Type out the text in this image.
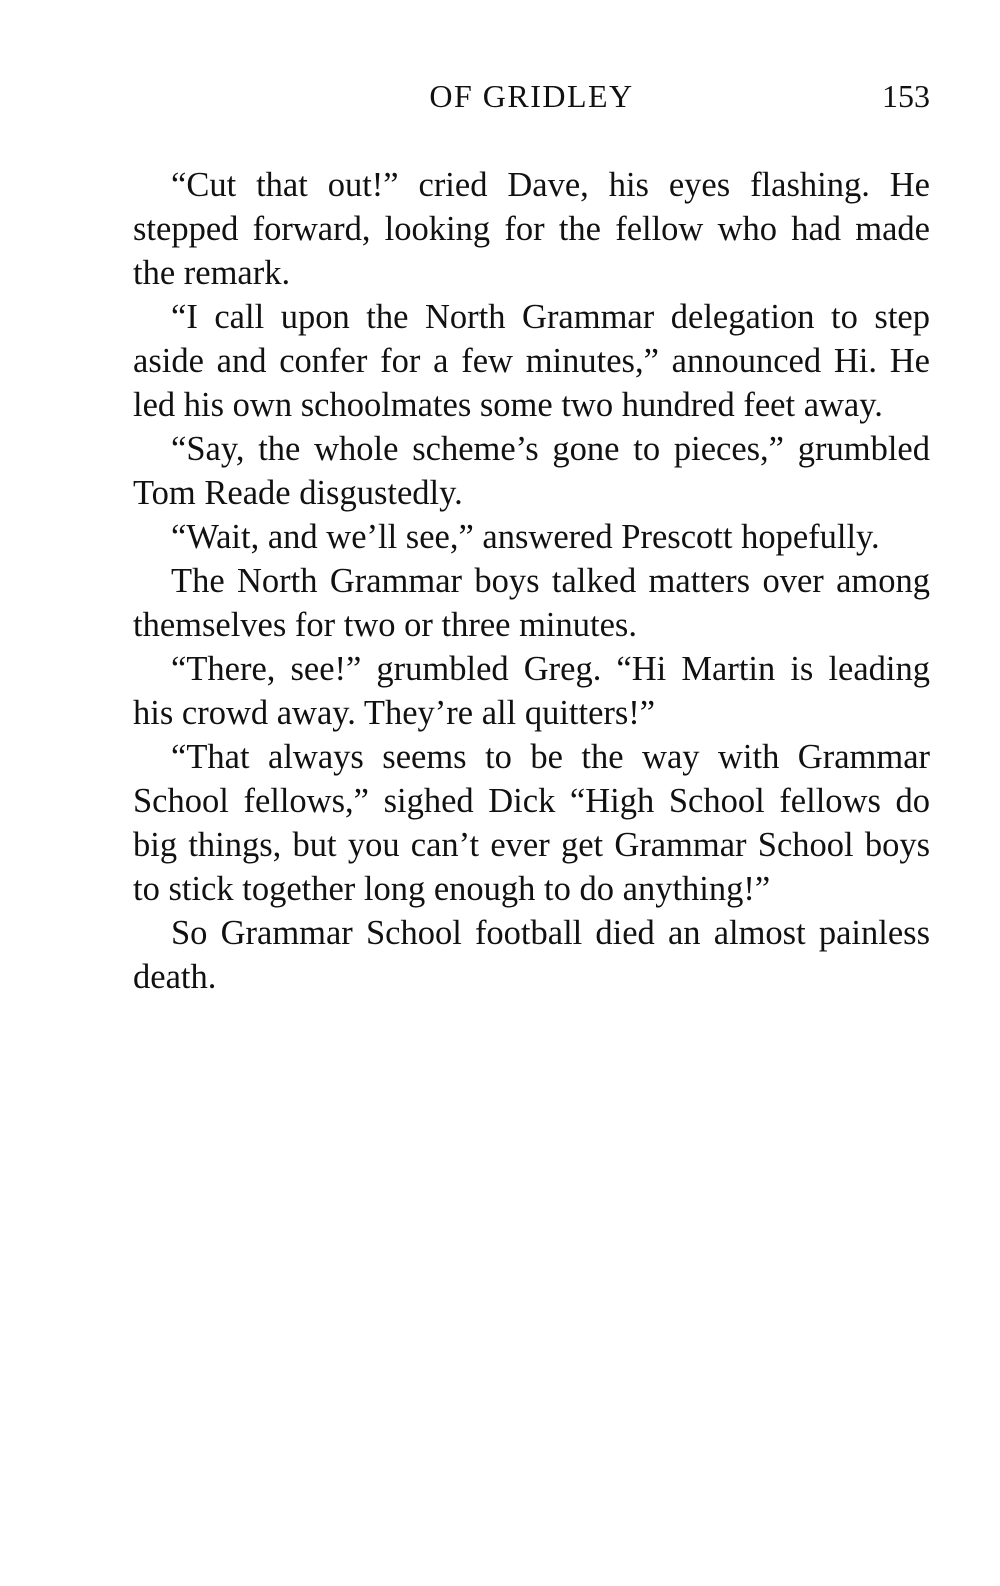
OF GRIDLEY	153

“Cut that out!” cried Dave, his eyes flashing. He stepped forward, looking for the fellow who had made the remark.

“I call upon the North Grammar delegation to step aside and confer for a few minutes,” announced Hi. He led his own schoolmates some two hundred feet away.

“Say, the whole scheme’s gone to pieces,” grumbled Tom Reade disgustedly.

“Wait, and we’ll see,” answered Prescott hopefully.

The North Grammar boys talked matters over among themselves for two or three minutes.

“There, see!” grumbled Greg. “Hi Martin is leading his crowd away. They’re all quitters!”

“That always seems to be the way with Grammar School fellows,” sighed Dick “High School fellows do big things, but you can’t ever get Grammar School boys to stick together long enough to do anything!”

So Grammar School football died an almost painless death.
